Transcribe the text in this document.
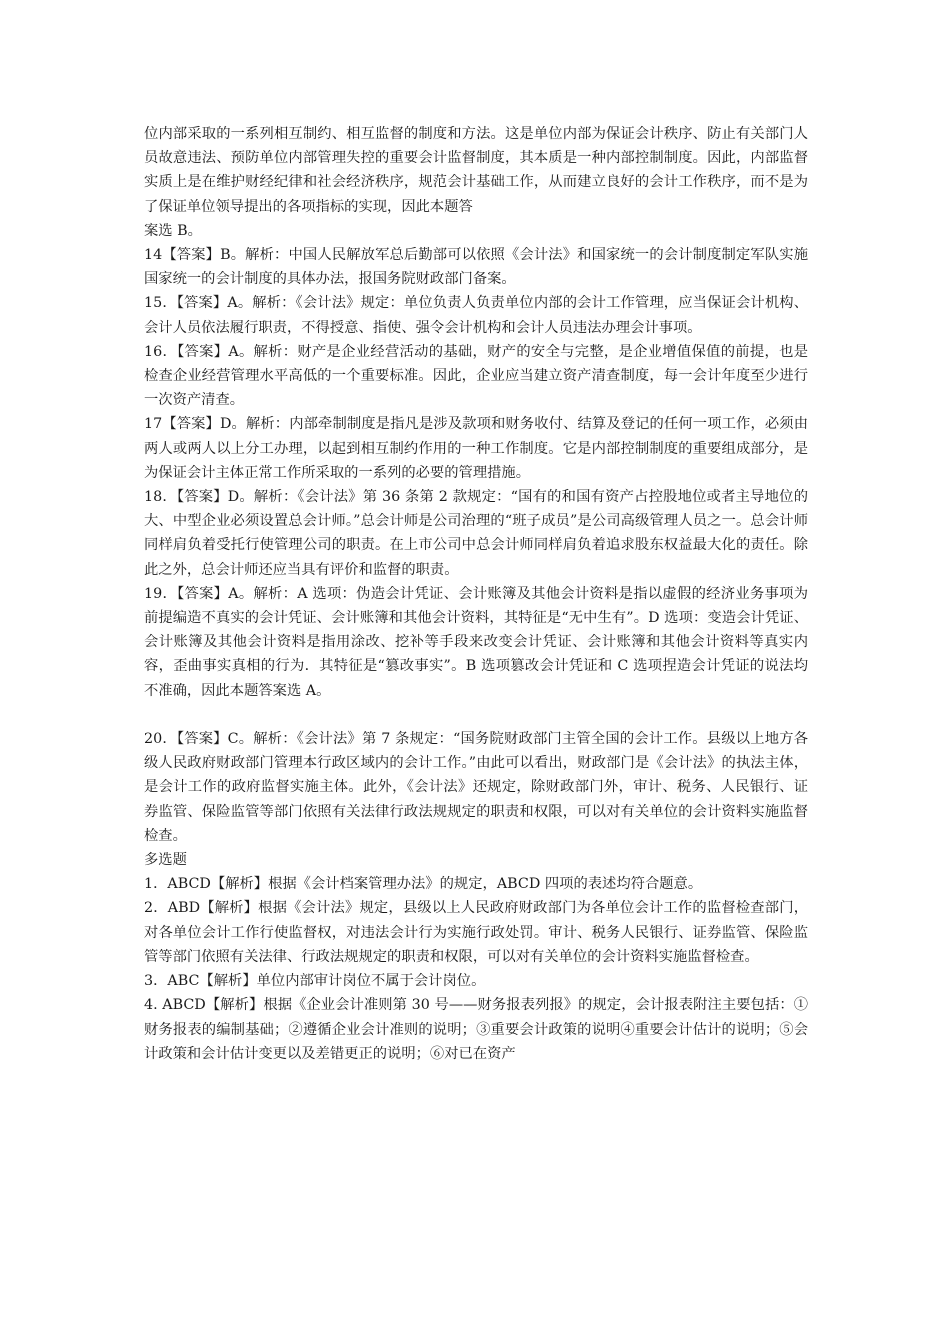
位内部采取的一系列相互制约、相互监督的制度和方法。这是单位内部为保证会计秩序、防止有关部门人员故意违法、预防单位内部管理失控的重要会计监督制度，其本质是一种内部控制制度。因此，内部监督实质上是在维护财经纪律和社会经济秩序，规范会计基础工作，从而建立良好的会计工作秩序，而不是为了保证单位领导提出的各项指标的实现，因此本题答

案选 B。

14【答案】B。解析：中国人民解放军总后勤部可以依照《会计法》和国家统一的会计制度制定军队实施国家统一的会计制度的具体办法，报国务院财政部门备案。

15．【答案】A。解析：《会计法》规定：单位负责人负责单位内部的会计工作管理，应当保证会计机构、会计人员依法履行职责，不得授意、指使、强令会计机构和会计人员违法办理会计事项。

16．【答案】A。解析：财产是企业经营活动的基础，财产的安全与完整，是企业增值保值的前提，也是检查企业经营管理水平高低的一个重要标准。因此，企业应当建立资产清查制度，每一会计年度至少进行一次资产清查。

17【答案】D。解析：内部牵制制度是指凡是涉及款项和财务收付、结算及登记的任何一项工作，必须由两人或两人以上分工办理，以起到相互制约作用的一种工作制度。它是内部控制制度的重要组成部分，是为保证会计主体正常工作所采取的一系列的必要的管理措施。

18．【答案】D。解析：《会计法》第 36 条第 2 款规定：“国有的和国有资产占控股地位或者主导地位的大、中型企业必须设置总会计师。”总会计师是公司治理的“班子成员”是公司高级管理人员之一。总会计师同样肩负着受托行使管理公司的职责。在上市公司中总会计师同样肩负着追求股东权益最大化的责任。除此之外，总会计师还应当具有评价和监督的职责。

19．【答案】A。解析：A 选项：伪造会计凭证、会计账簿及其他会计资料是指以虚假的经济业务事项为前提编造不真实的会计凭证、会计账簿和其他会计资料，其特征是“无中生有”。D 选项：变造会计凭证、会计账簿及其他会计资料是指用涂改、挖补等手段来改变会计凭证、会计账簿和其他会计资料等真实内容，歪曲事实真相的行为．其特征是“篡改事实”。B 选项篡改会计凭证和 C 选项捏造会计凭证的说法均不准确，因此本题答案选 A。

20．【答案】C。解析：《会计法》第 7 条规定：“国务院财政部门主管全国的会计工作。县级以上地方各级人民政府财政部门管理本行政区域内的会计工作。”由此可以看出，财政部门是《会计法》的执法主体，是会计工作的政府监督实施主体。此外，《会计法》还规定，除财政部门外，审计、税务、人民银行、证券监管、保险监管等部门依照有关法律行政法规规定的职责和权限，可以对有关单位的会计资料实施监督检查。

多选题

1．ABCD【解析】根据《会计档案管理办法》的规定，ABCD 四项的表述均符合题意。

2．ABD【解析】根据《会计法》规定，县级以上人民政府财政部门为各单位会计工作的监督检查部门，对各单位会计工作行使监督权，对违法会计行为实施行政处罚。审计、税务人民银行、证券监管、保险监管等部门依照有关法律、行政法规规定的职责和权限，可以对有关单位的会计资料实施监督检查。

3．ABC【解析】单位内部审计岗位不属于会计岗位。

4. ABCD【解析】根据《企业会计准则第 30 号——财务报表列报》的规定，会计报表附注主要包括：①财务报表的编制基础；②遵循企业会计准则的说明；③重要会计政策的说明④重要会计估计的说明；⑤会计政策和会计估计变更以及差错更正的说明；⑥对已在资产
